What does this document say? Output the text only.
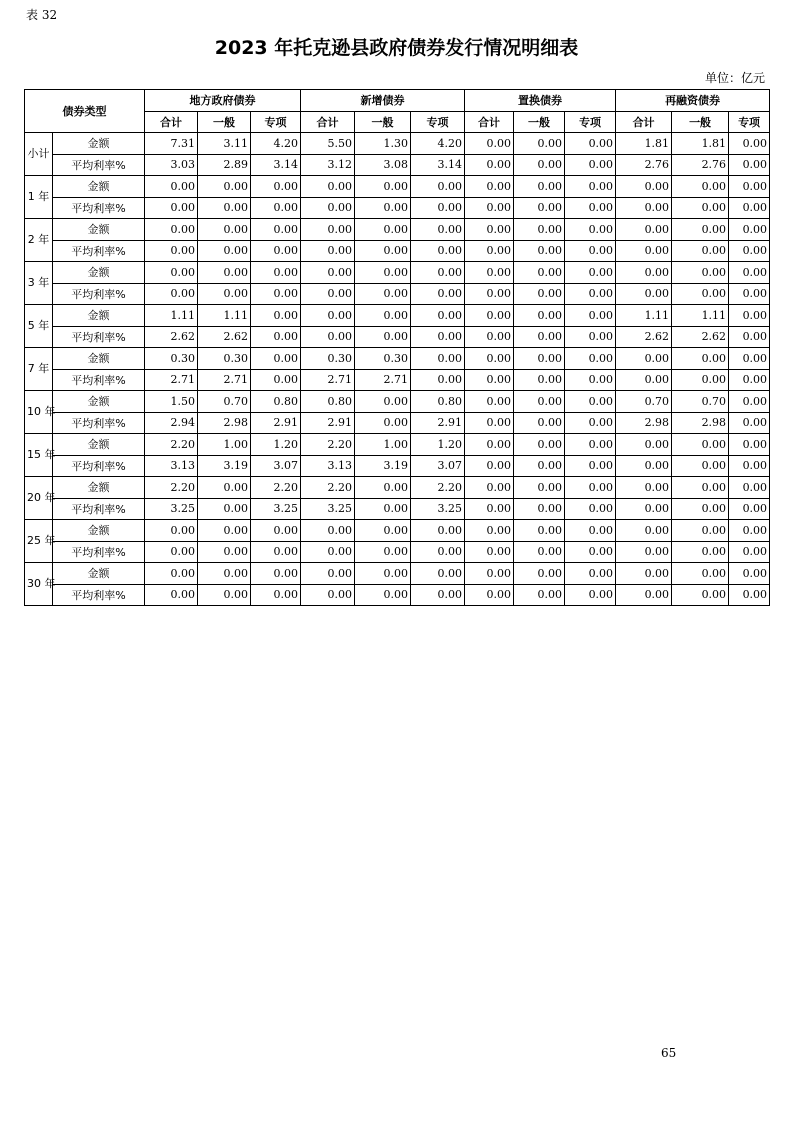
表 32
2023 年托克逊县政府债券发行情况明细表
单位：亿元
债券类型		地方政府债券			新增债券			置换债券			再融资债券		
		合计	一般	专项	合计	一般	专项	合计	一般	专项	合计	一般	专项
小计	金额	7.31	3.11	4.20	5.50	1.30	4.20	0.00	0.00	0.00	1.81	1.81	0.00
	平均利率%	3.03	2.89	3.14	3.12	3.08	3.14	0.00	0.00	0.00	2.76	2.76	0.00
1 年	金额	0.00	0.00	0.00	0.00	0.00	0.00	0.00	0.00	0.00	0.00	0.00	0.00
	平均利率%	0.00	0.00	0.00	0.00	0.00	0.00	0.00	0.00	0.00	0.00	0.00	0.00
2 年	金额	0.00	0.00	0.00	0.00	0.00	0.00	0.00	0.00	0.00	0.00	0.00	0.00
	平均利率%	0.00	0.00	0.00	0.00	0.00	0.00	0.00	0.00	0.00	0.00	0.00	0.00
3 年	金额	0.00	0.00	0.00	0.00	0.00	0.00	0.00	0.00	0.00	0.00	0.00	0.00
	平均利率%	0.00	0.00	0.00	0.00	0.00	0.00	0.00	0.00	0.00	0.00	0.00	0.00
5 年	金额	1.11	1.11	0.00	0.00	0.00	0.00	0.00	0.00	0.00	1.11	1.11	0.00
	平均利率%	2.62	2.62	0.00	0.00	0.00	0.00	0.00	0.00	0.00	2.62	2.62	0.00
7 年	金额	0.30	0.30	0.00	0.30	0.30	0.00	0.00	0.00	0.00	0.00	0.00	0.00
	平均利率%	2.71	2.71	0.00	2.71	2.71	0.00	0.00	0.00	0.00	0.00	0.00	0.00
10 年	金额	1.50	0.70	0.80	0.80	0.00	0.80	0.00	0.00	0.00	0.70	0.70	0.00
	平均利率%	2.94	2.98	2.91	2.91	0.00	2.91	0.00	0.00	0.00	2.98	2.98	0.00
15 年	金额	2.20	1.00	1.20	2.20	1.00	1.20	0.00	0.00	0.00	0.00	0.00	0.00
	平均利率%	3.13	3.19	3.07	3.13	3.19	3.07	0.00	0.00	0.00	0.00	0.00	0.00
20 年	金额	2.20	0.00	2.20	2.20	0.00	2.20	0.00	0.00	0.00	0.00	0.00	0.00
	平均利率%	3.25	0.00	3.25	3.25	0.00	3.25	0.00	0.00	0.00	0.00	0.00	0.00
25 年	金额	0.00	0.00	0.00	0.00	0.00	0.00	0.00	0.00	0.00	0.00	0.00	0.00
	平均利率%	0.00	0.00	0.00	0.00	0.00	0.00	0.00	0.00	0.00	0.00	0.00	0.00
30 年	金额	0.00	0.00	0.00	0.00	0.00	0.00	0.00	0.00	0.00	0.00	0.00	0.00
	平均利率%	0.00	0.00	0.00	0.00	0.00	0.00	0.00	0.00	0.00	0.00	0.00	0.00
65
